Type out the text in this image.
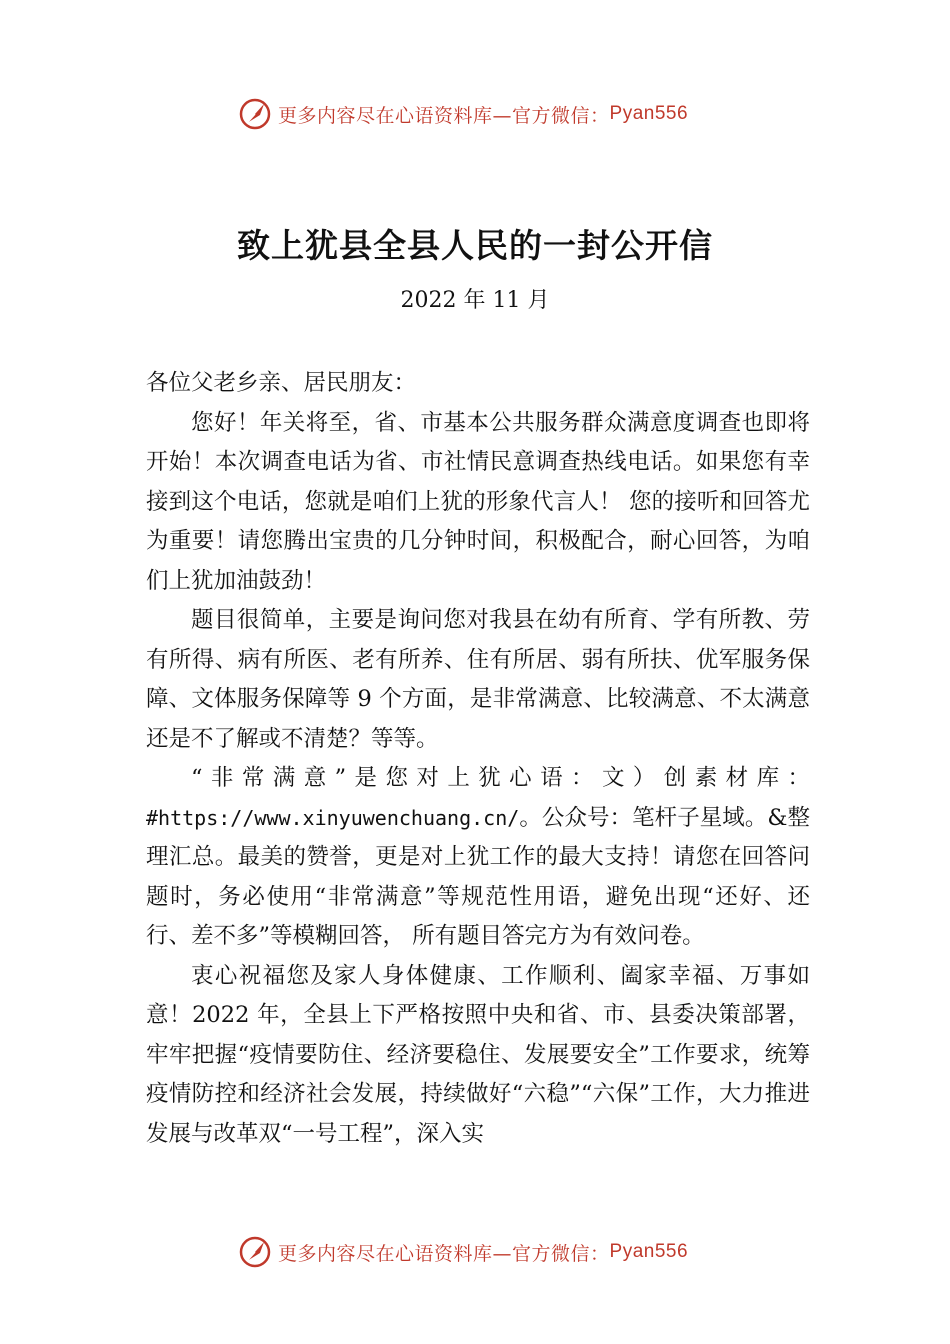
更多内容尽在心语资料库—官方微信： Pyan556
致上犹县全县人民的一封公开信
2022 年 11 月

各位父老乡亲、居民朋友：

您好！年关将至，省、市基本公共服务群众满意度调查也即将开始！本次调查电话为省、市社情民意调查热线电话。如果您有幸接到这个电话，您就是咱们上犹的形象代言人！ 您的接听和回答尤为重要！请您腾出宝贵的几分钟时间，积极配合，耐心回答，为咱们上犹加油鼓劲！

题目很简单，主要是询问您对我县在幼有所育、学有所教、劳有所得、病有所医、老有所养、住有所居、弱有所扶、优军服务保障、文体服务保障等 9 个方面，是非常满意、比较满意、不太满意还是不了解或不清楚？等等。

“非常满意”是您对上犹心语：文）创素材库：#https://www.xinyuwenchuang.cn/。公众号：笔杆子星域。&整理汇总。最美的赞誉，更是对上犹工作的最大支持！请您在回答问题时，务必使用“非常满意”等规范性用语，避免出现“还好、还行、差不多”等模糊回答， 所有题目答完方为有效问卷。

衷心祝福您及家人身体健康、工作顺利、阖家幸福、万事如意！2022 年，全县上下严格按照中央和省、市、县委决策部署，牢牢把握“疫情要防住、经济要稳住、发展要安全”工作要求，统筹疫情防控和经济社会发展，持续做好“六稳”“六保”工作，大力推进发展与改革双“一号工程”，深入实

更多内容尽在心语资料库—官方微信： Pyan556
